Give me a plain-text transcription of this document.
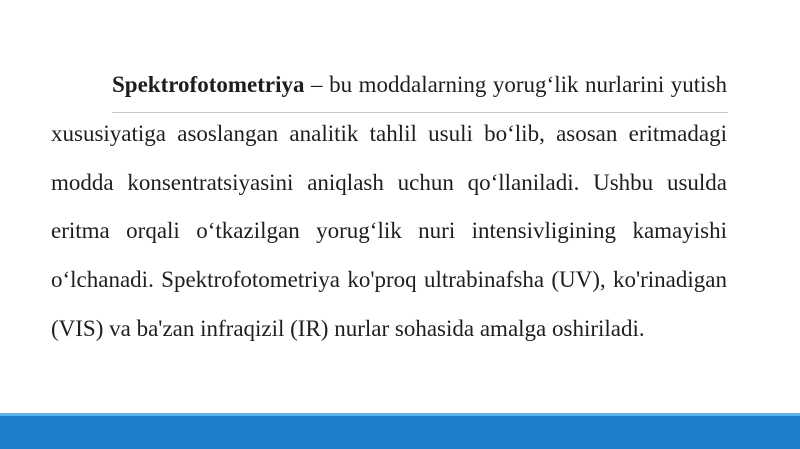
Spektrofotometriya – bu moddalarning yorug‘lik nurlarini yutish xususiyatiga asoslangan analitik tahlil usuli bo‘lib, asosan eritmadagi modda konsentratsiyasini aniqlash uchun qo‘llaniladi. Ushbu usulda eritma orqali o‘tkazilgan yorug‘lik nuri intensivligining kamayishi o‘lchanadi. Spektrofotometriya ko'proq ultrabinafsha (UV), ko'rinadigan (VIS) va ba'zan infraqizil (IR) nurlar sohasida amalga oshiriladi.
